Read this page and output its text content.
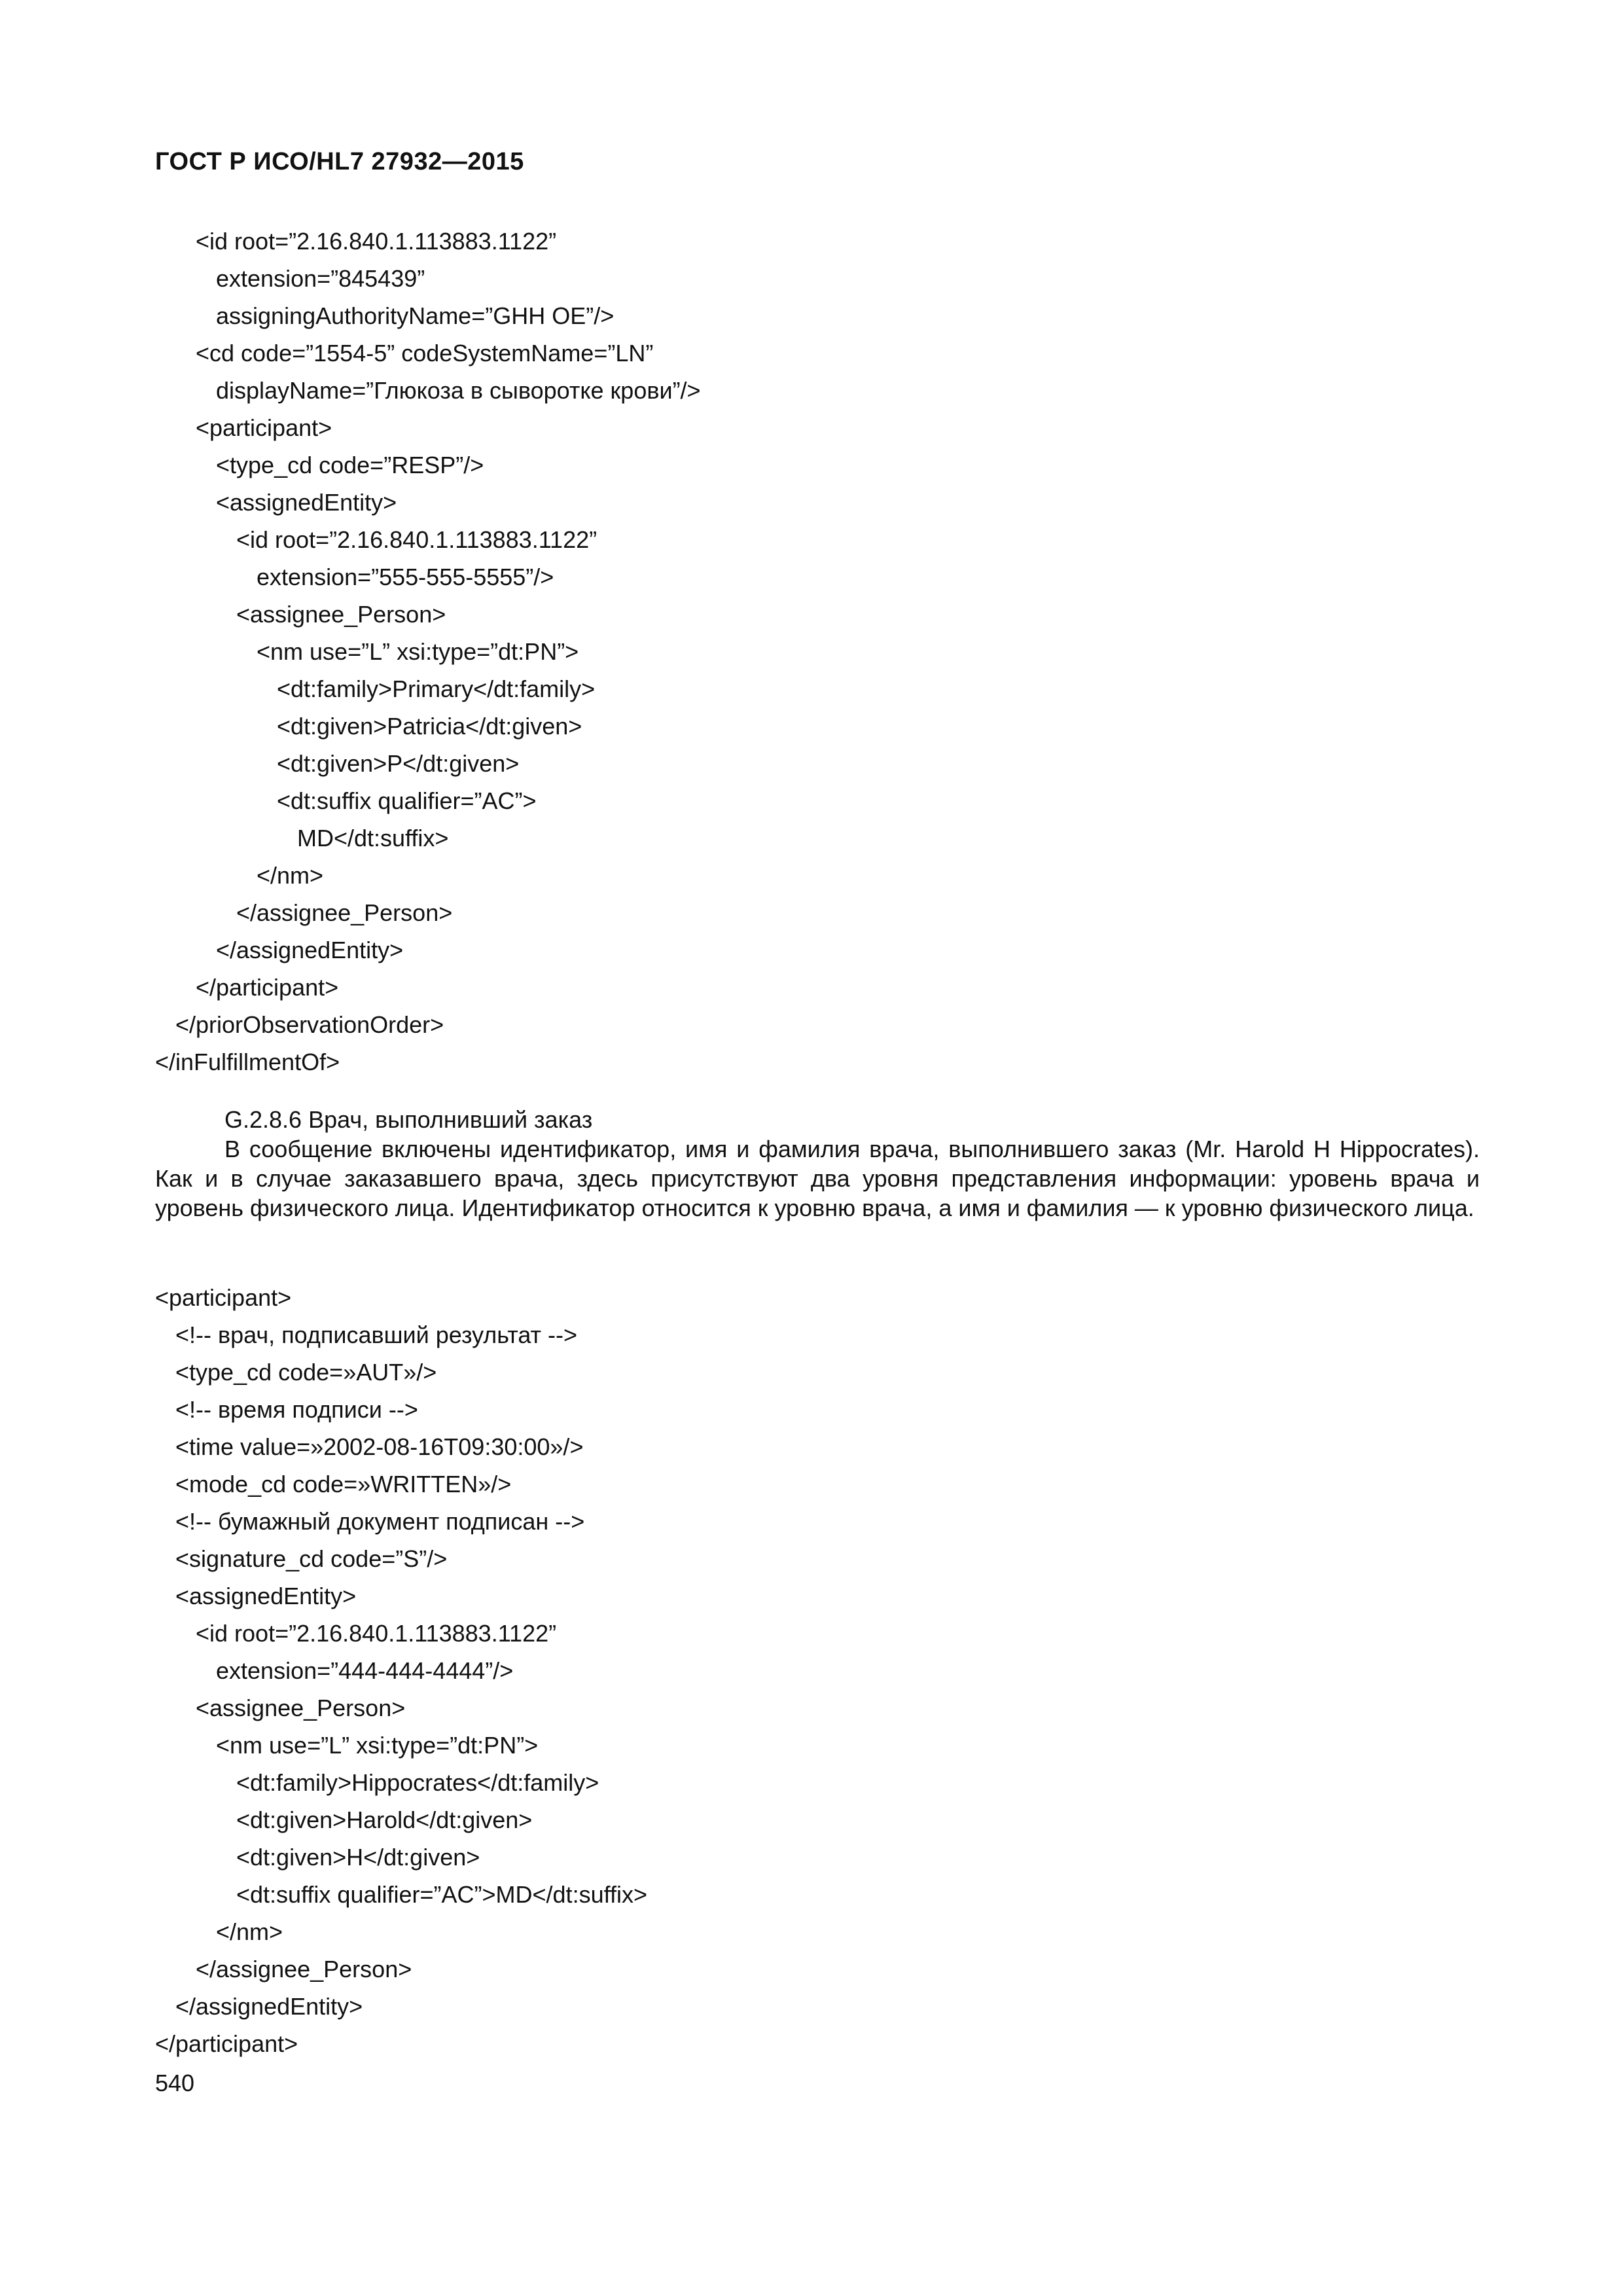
ГОСТ Р ИСО/HL7 27932—2015
<id root=”2.16.840.1.113883.1122”
extension=”845439”
assigningAuthorityName=”GHH OE”/>
<cd code=”1554-5” codeSystemName=”LN”
displayName=”Глюкоза в сыворотке крови”/>
<participant>
<type_cd code=”RESP”/>
<assignedEntity>
<id root=”2.16.840.1.113883.1122”
extension=”555-555-5555”/>
<assignee_Person>
<nm use=”L” xsi:type=”dt:PN”>
<dt:family>Primary</dt:family>
<dt:given>Patricia</dt:given>
<dt:given>P</dt:given>
<dt:suffix qualifier=”AC”>
MD</dt:suffix>
</nm>
</assignee_Person>
</assignedEntity>
</participant>
</priorObservationOrder>
</inFulfillmentOf>
G.2.8.6 Врач, выполнивший заказ

В сообщение включены идентификатор, имя и фамилия врача, выполнившего заказ (Mr. Harold H Hippocrates). Как и в случае заказавшего врача, здесь присутствуют два уровня представления информации: уровень врача и уровень физического лица. Идентификатор относится к уровню врача, а имя и фамилия — к уровню физического лица.

<participant>
<!-- врач, подписавший результат -->
<type_cd code=»AUT»/>
<!-- время подписи -->
<time value=»2002-08-16T09:30:00»/>
<mode_cd code=»WRITTEN»/>
<!-- бумажный документ подписан -->
<signature_cd code=”S”/>
<assignedEntity>
<id root=”2.16.840.1.113883.1122”
extension=”444-444-4444”/>
<assignee_Person>
<nm use=”L” xsi:type=”dt:PN”>
<dt:family>Hippocrates</dt:family>
<dt:given>Harold</dt:given>
<dt:given>H</dt:given>
<dt:suffix qualifier=”AC”>MD</dt:suffix>
</nm>
</assignee_Person>
</assignedEntity>
</participant>
540
